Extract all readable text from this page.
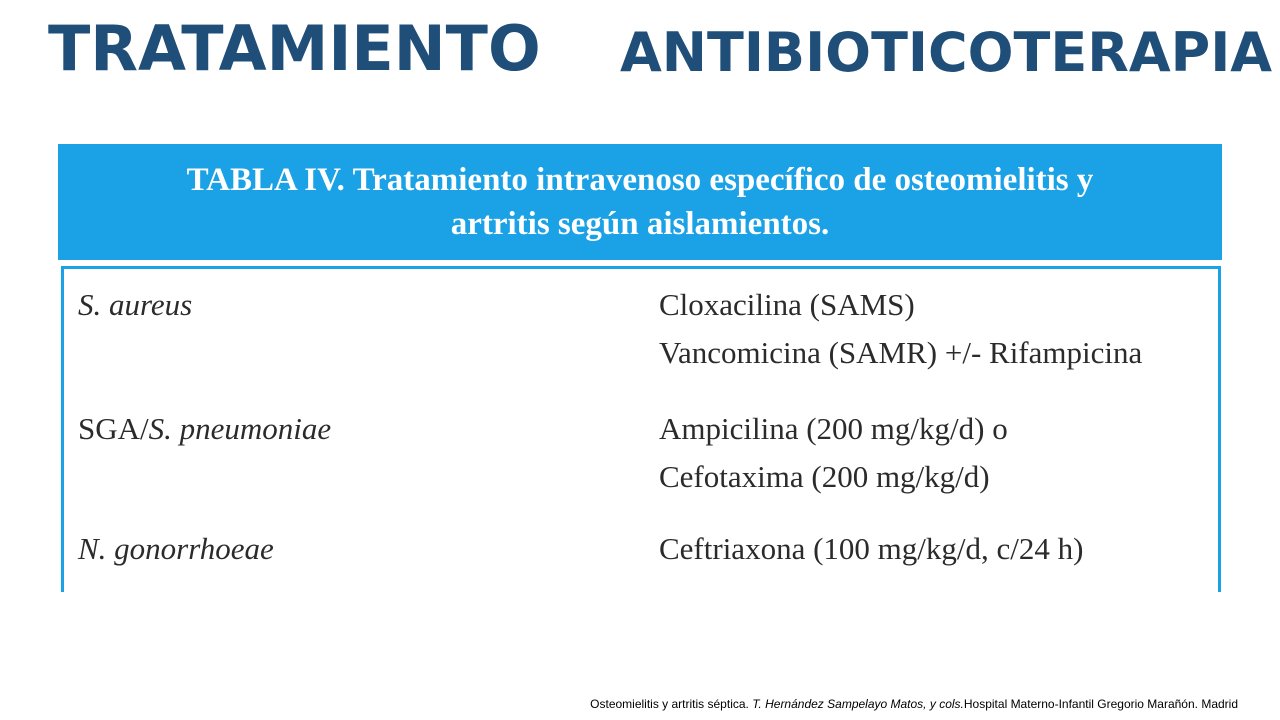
TRATAMIENTO ANTIBIOTICOTERAPIA
TABLA IV. Tratamiento intravenoso específico de osteomielitis y
artritis según aislamientos.
S. aureus	Cloxacilina (SAMS)
Vancomicina (SAMR) +/- Rifampicina
SGA/S. pneumoniae	Ampicilina (200 mg/kg/d) o
Cefotaxima (200 mg/kg/d)
N. gonorrhoeae	Ceftriaxona (100 mg/kg/d, c/24 h)
Osteomielitis y artritis séptica. T. Hernández Sampelayo Matos, y cols.Hospital Materno-Infantil Gregorio Marañón. Madrid
